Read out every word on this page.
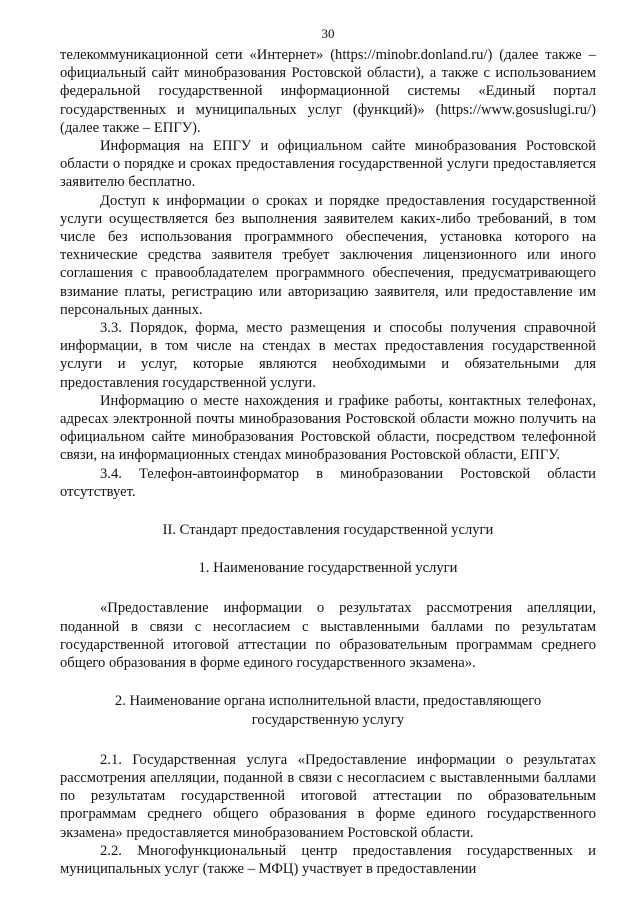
30

телекоммуникационной сети «Интернет» (https://minobr.donland.ru/) (далее также – официальный сайт минобразования Ростовской области), а также с использованием федеральной государственной информационной системы «Единый портал государственных и муниципальных услуг (функций)» (https://www.gosuslugi.ru/) (далее также – ЕПГУ).

Информация на ЕПГУ и официальном сайте минобразования Ростовской области о порядке и сроках предоставления государственной услуги предоставляется заявителю бесплатно.

Доступ к информации о сроках и порядке предоставления государственной услуги осуществляется без выполнения заявителем каких-либо требований, в том числе без использования программного обеспечения, установка которого на технические средства заявителя требует заключения лицензионного или иного соглашения с правообладателем программного обеспечения, предусматривающего взимание платы, регистрацию или авторизацию заявителя, или предоставление им персональных данных.

3.3. Порядок, форма, место размещения и способы получения справочной информации, в том числе на стендах в местах предоставления государственной услуги и услуг, которые являются необходимыми и обязательными для предоставления государственной услуги.

Информацию о месте нахождения и графике работы, контактных телефонах, адресах электронной почты минобразования Ростовской области можно получить на официальном сайте минобразования Ростовской области, посредством телефонной связи, на информационных стендах минобразования Ростовской области, ЕПГУ.

3.4. Телефон-автоинформатор в минобразовании Ростовской области отсутствует.

II. Стандарт предоставления государственной услуги

1. Наименование государственной услуги

«Предоставление информации о результатах рассмотрения апелляции, поданной в связи с несогласием с выставленными баллами по результатам государственной итоговой аттестации по образовательным программам среднего общего образования в форме единого государственного экзамена».

2. Наименование органа исполнительной власти, предоставляющего

государственную услугу

2.1. Государственная услуга «Предоставление информации о результатах рассмотрения апелляции, поданной в связи с несогласием с выставленными баллами по результатам государственной итоговой аттестации по образовательным программам среднего общего образования в форме единого государственного экзамена» предоставляется минобразованием Ростовской области.

2.2. Многофункциональный центр предоставления государственных и муниципальных услуг (также – МФЦ) участвует в предоставлении
